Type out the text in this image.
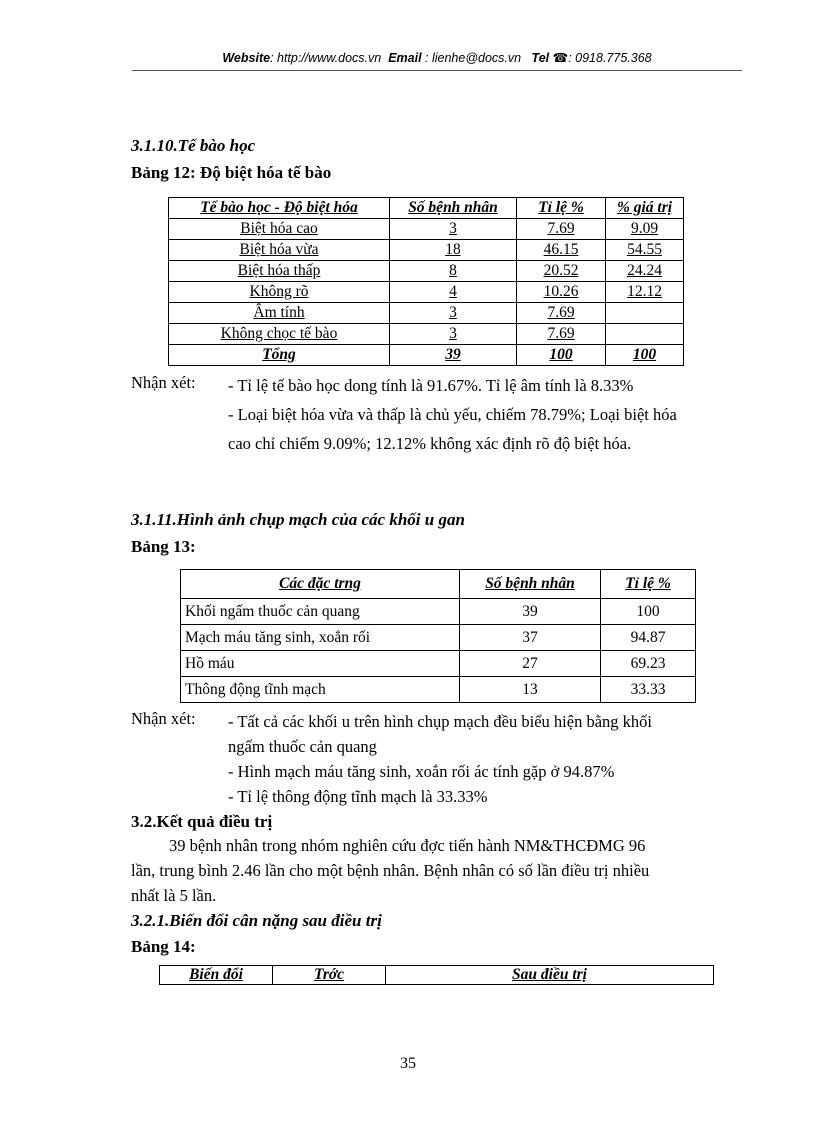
Website: http://www.docs.vn Email : lienhe@docs.vn Tel ☎: 0918.775.368
3.1.10.Tế bào học
Bảng 12: Độ biệt hóa tế bào
Tế bào học - Độ biệt hóa	Số bệnh nhân	Tỉ lệ %	% giá trị
Biệt hóa cao	3	7.69	9.09
Biệt hóa vừa	18	46.15	54.55
Biệt hóa thấp	8	20.52	24.24
Không rõ	4	10.26	12.12
Âm tính	3	7.69	
Không chọc tế bào	3	7.69	
Tổng	39	100	100
Nhận xét: - Tỉ lệ tế bào học dong tính là 91.67%. Tỉ lệ âm tính là 8.33%
- Loại biệt hóa vừa và thấp là chủ yếu, chiếm 78.79%; Loại biệt hóa
cao chỉ chiếm 9.09%; 12.12% không xác định rõ độ biệt hóa.
3.1.11.Hình ảnh chụp mạch của các khối u gan
Bảng 13:
Các đặc trng	Số bệnh nhân	Tỉ lệ %
Khối ngấm thuốc cản quang	39	100
Mạch máu tăng sinh, xoắn rối	37	94.87
Hồ máu	27	69.23
Thông động tĩnh mạch	13	33.33
Nhận xét: - Tất cả các khối u trên hình chụp mạch đều biểu hiện bằng khối
ngấm thuốc cản quang
- Hình mạch máu tăng sinh, xoắn rối ác tính gặp ở 94.87%
- Tỉ lệ thông động tĩnh mạch là 33.33%
3.2.Kết quả điều trị
39 bệnh nhân trong nhóm nghiên cứu đợc tiến hành NM&THCĐMG 96
lần, trung bình 2.46 lần cho một bệnh nhân. Bệnh nhân có số lần điều trị nhiều
nhất là 5 lần.
3.2.1.Biến đổi cân nặng sau điều trị
Bảng 14:
Biến đổi	Trớc	Sau điều trị
35
